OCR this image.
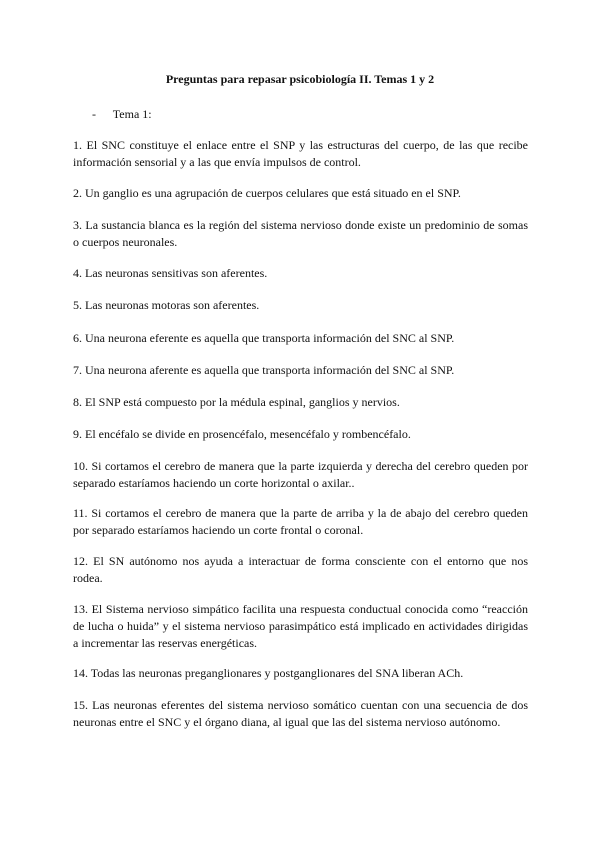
Preguntas para repasar psicobiología II. Temas 1 y 2
- Tema 1:
1. El SNC constituye el enlace entre el SNP y las estructuras del cuerpo, de las que recibe información sensorial y a las que envía impulsos de control.
2. Un ganglio es una agrupación de cuerpos celulares que está situado en el SNP.
3. La sustancia blanca es la región del sistema nervioso donde existe un predominio de somas o cuerpos neuronales.
4. Las neuronas sensitivas son aferentes.
5. Las neuronas motoras son aferentes.
6. Una neurona eferente es aquella que transporta información del SNC al SNP.
7. Una neurona aferente es aquella que transporta información del SNC al SNP.
8. El SNP está compuesto por la médula espinal, ganglios y nervios.
9. El encéfalo se divide en prosencéfalo, mesencéfalo y rombencéfalo.
10. Si cortamos el cerebro de manera que la parte izquierda y derecha del cerebro queden por separado estaríamos haciendo un corte horizontal o axilar..
11. Si cortamos el cerebro de manera que la parte de arriba y la de abajo del cerebro queden por separado estaríamos haciendo un corte frontal o coronal.
12. El SN autónomo nos ayuda a interactuar de forma consciente con el entorno que nos rodea.
13. El Sistema nervioso simpático facilita una respuesta conductual conocida como “reacción de lucha o huida” y el sistema nervioso parasimpático está implicado en actividades dirigidas a incrementar las reservas energéticas.
14. Todas las neuronas preganglionares y postganglionares del SNA liberan ACh.
15. Las neuronas eferentes del sistema nervioso somático cuentan con una secuencia de dos neuronas entre el SNC y el órgano diana, al igual que las del sistema nervioso autónomo.
